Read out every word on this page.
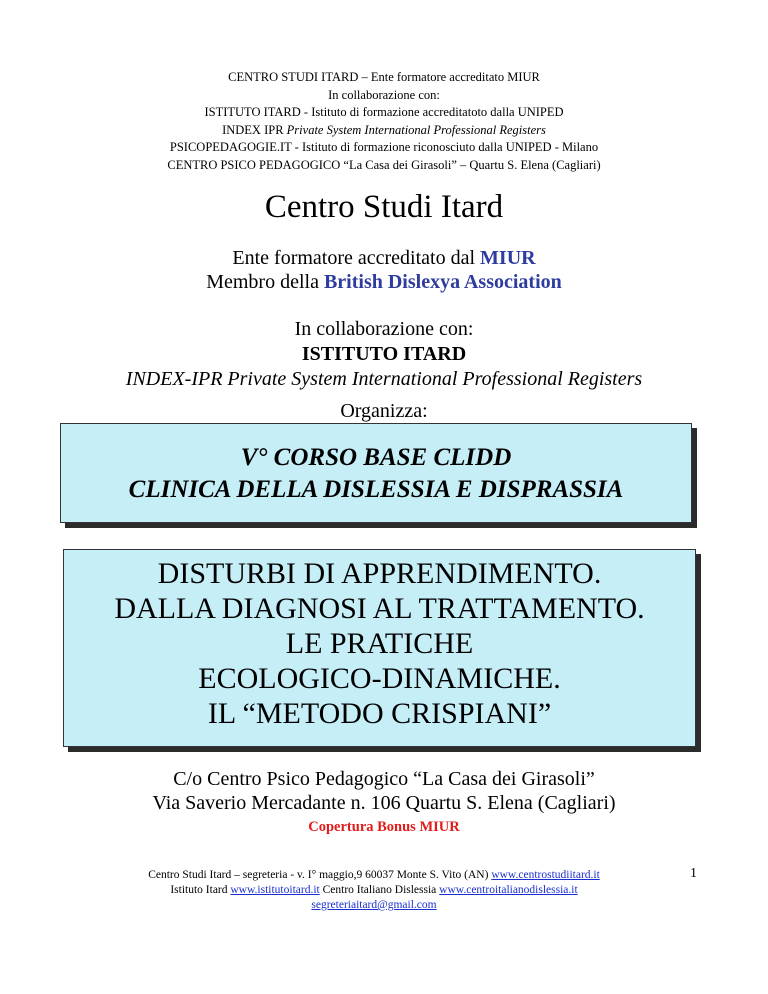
CENTRO STUDI ITARD – Ente formatore accreditato MIUR
In collaborazione con:
ISTITUTO ITARD - Istituto di formazione accreditatoto dalla UNIPED
INDEX IPR Private System International Professional Registers
PSICOPEDAGOGIE.IT - Istituto di formazione riconosciuto dalla UNIPED - Milano
CENTRO PSICO PEDAGOGICO “La Casa dei Girasoli” – Quartu S. Elena (Cagliari)
Centro Studi Itard
Ente formatore accreditato dal MIUR
Membro della British Dislexya Association
In collaborazione con:
ISTITUTO ITARD
INDEX-IPR Private System International Professional Registers
Organizza:
V° CORSO BASE CLIDD
CLINICA DELLA DISLESSIA E DISPRASSIA
DISTURBI DI APPRENDIMENTO.
DALLA DIAGNOSI AL TRATTAMENTO.
LE PRATICHE
ECOLOGICO-DINAMICHE.
IL “METODO CRISPIANI”
C/o Centro Psico Pedagogico “La Casa dei Girasoli”
Via Saverio Mercadante n. 106 Quartu S. Elena (Cagliari)
Copertura Bonus MIUR
Centro Studi Itard – segreteria - v. I° maggio,9 60037 Monte S. Vito (AN) www.centrostudiitard.it
Istituto Itard www.istitutoitard.it Centro Italiano Dislessia www.centroitalianodislessia.it
segreteriaitard@gmail.com
1
